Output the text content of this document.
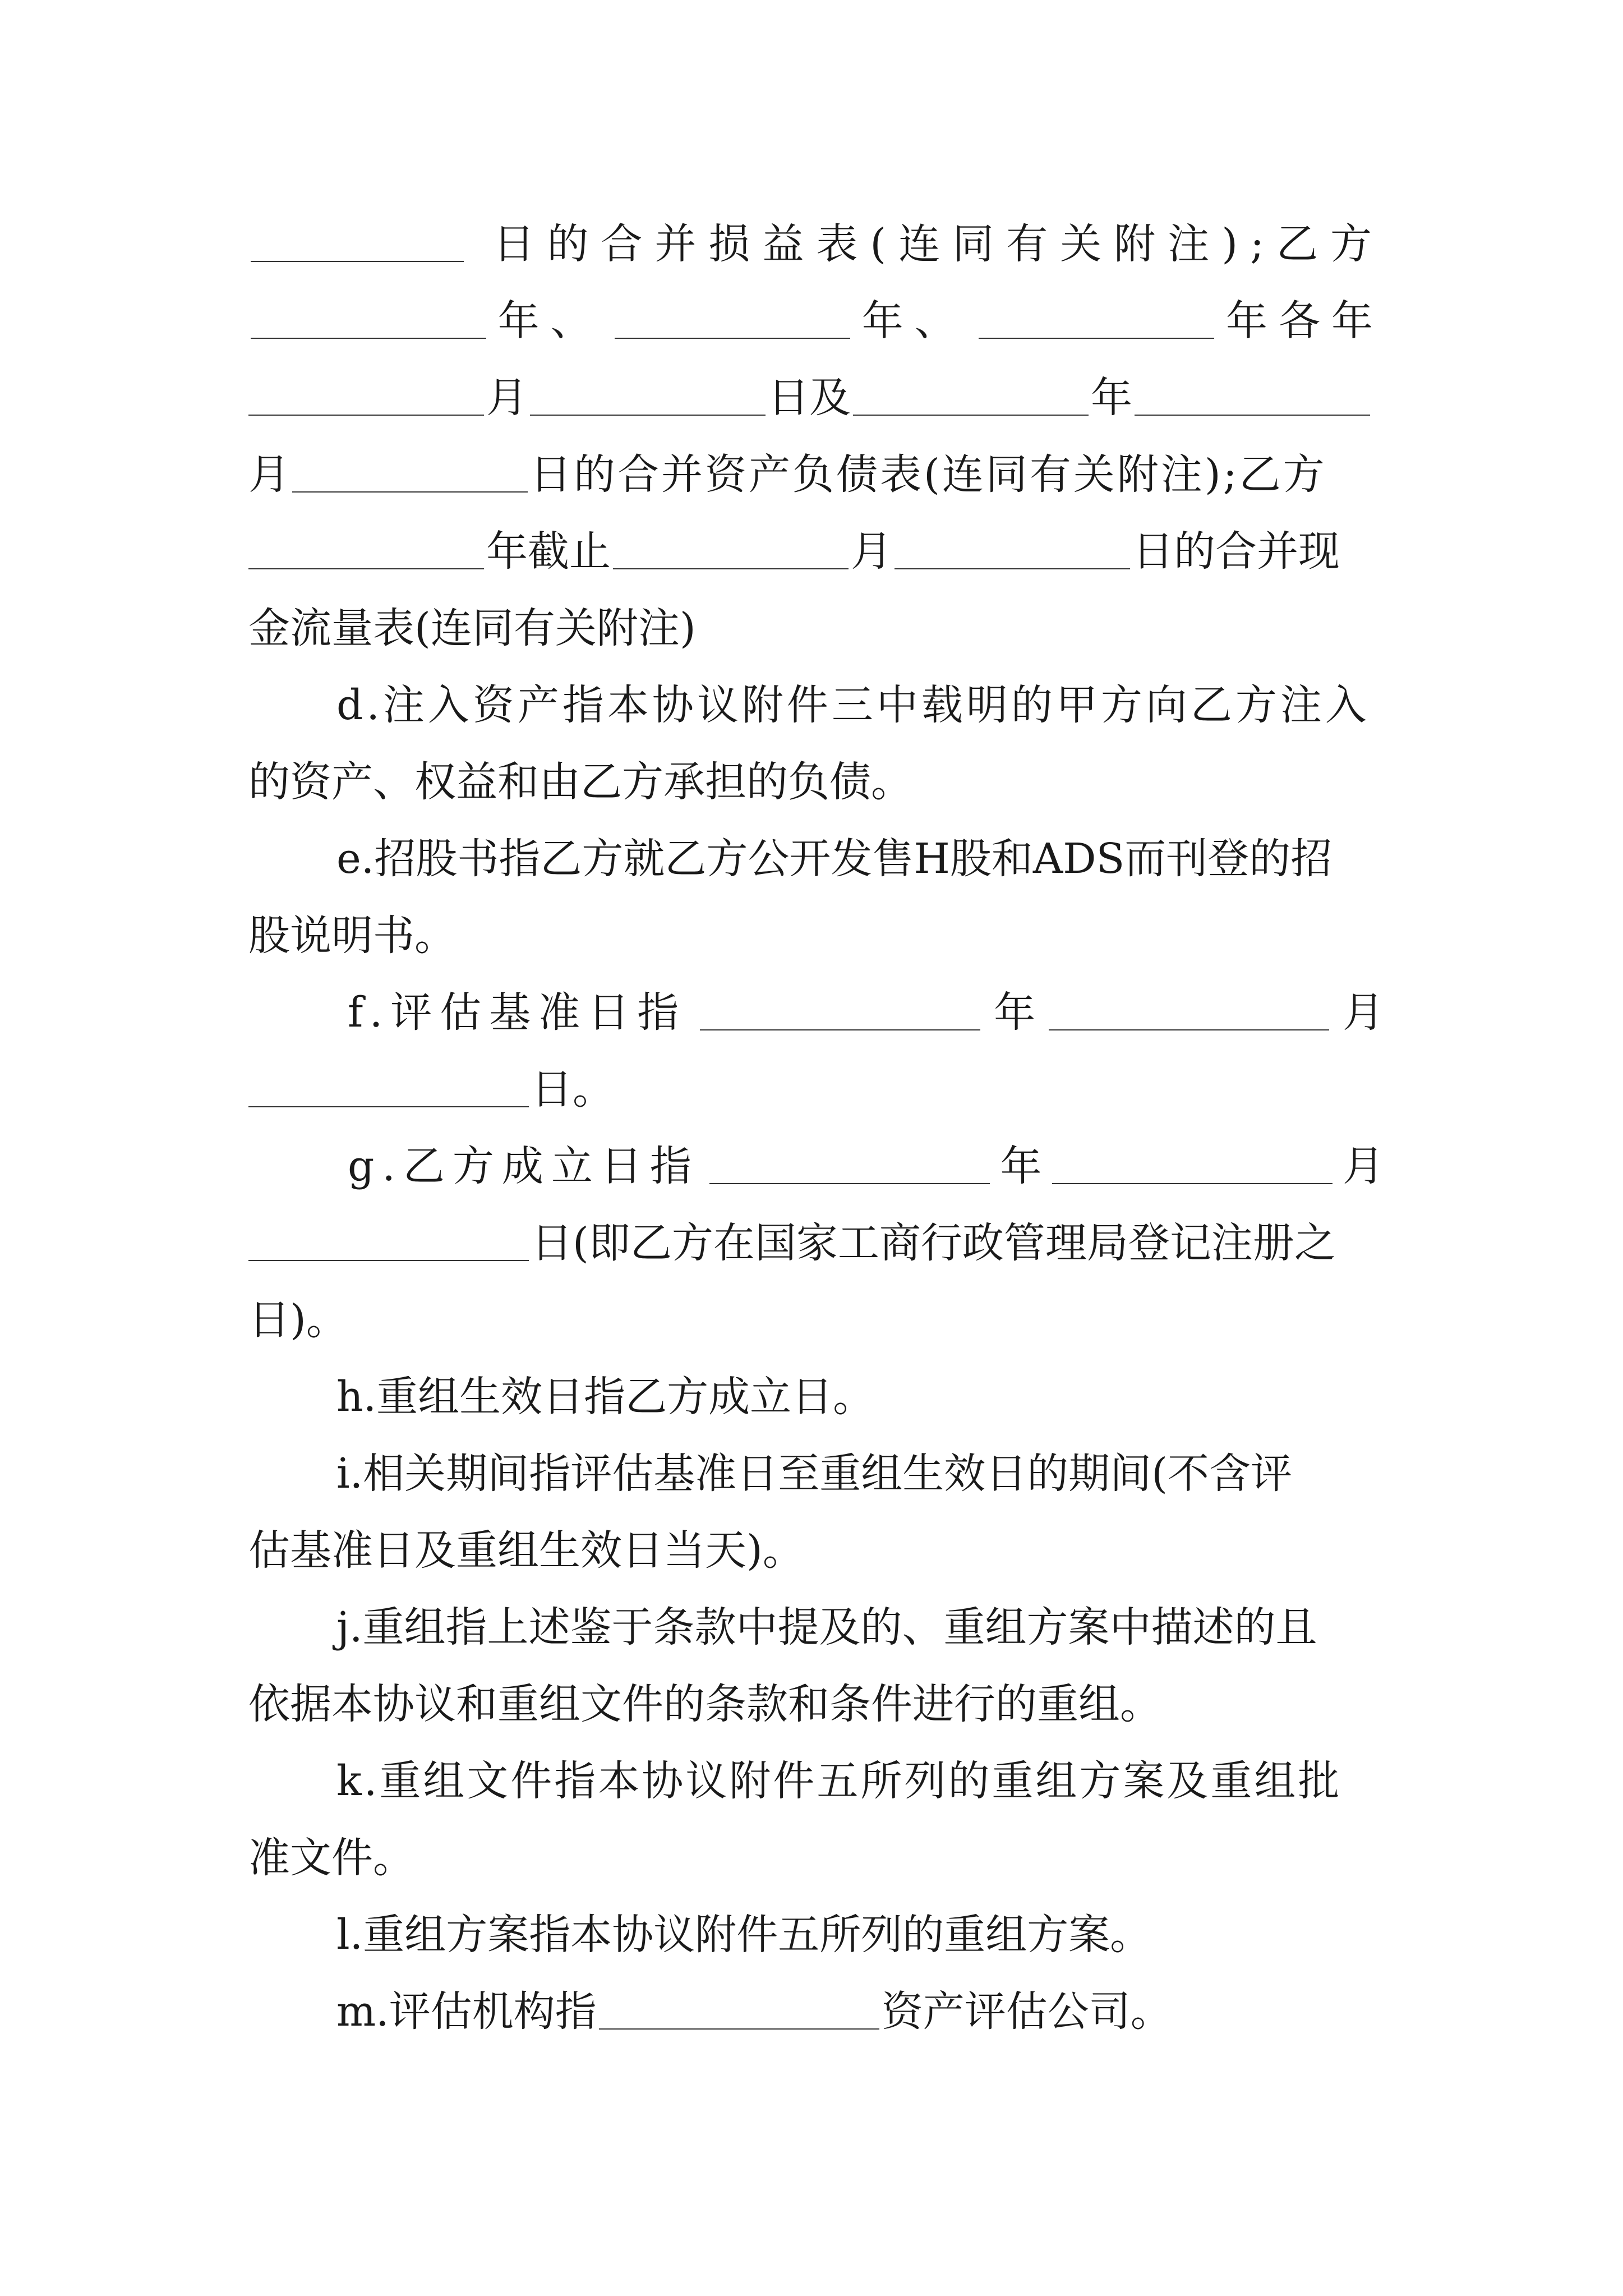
日的合并损益表(连同有关附注);乙方
年、	年、	年各年
月	日及	年
月	日的合并资产负债表(连同有关附注);乙方
年截止	月	日的合并现
金流量表(连同有关附注)
d.注入资产指本协议附件三中载明的甲方向乙方注入
的资产、权益和由乙方承担的负债。
e.招股书指乙方就乙方公开发售H股和ADS而刊登的招
股说明书。
f.评估基准日指	年	月
日。
g.乙方成立日指	年	月
日(即乙方在国家工商行政管理局登记注册之
日)。
h.重组生效日指乙方成立日。
i.相关期间指评估基准日至重组生效日的期间(不含评
估基准日及重组生效日当天)。
j.重组指上述鉴于条款中提及的、重组方案中描述的且
依据本协议和重组文件的条款和条件进行的重组。
k.重组文件指本协议附件五所列的重组方案及重组批
准文件。
l.重组方案指本协议附件五所列的重组方案。
m.评估机构指	资产评估公司。
